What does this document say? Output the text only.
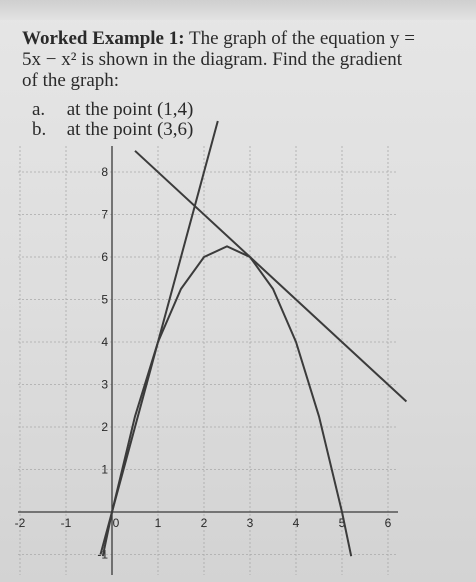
Worked Example 1: The graph of the equation y =
5x − x² is shown in the diagram. Find the gradient
of the graph:
a. at the point (1,4)
b. at the point (3,6)
-2	-1	0	1	2	3	4	5	6
-1
1
2
3
4
5
6
7
8
